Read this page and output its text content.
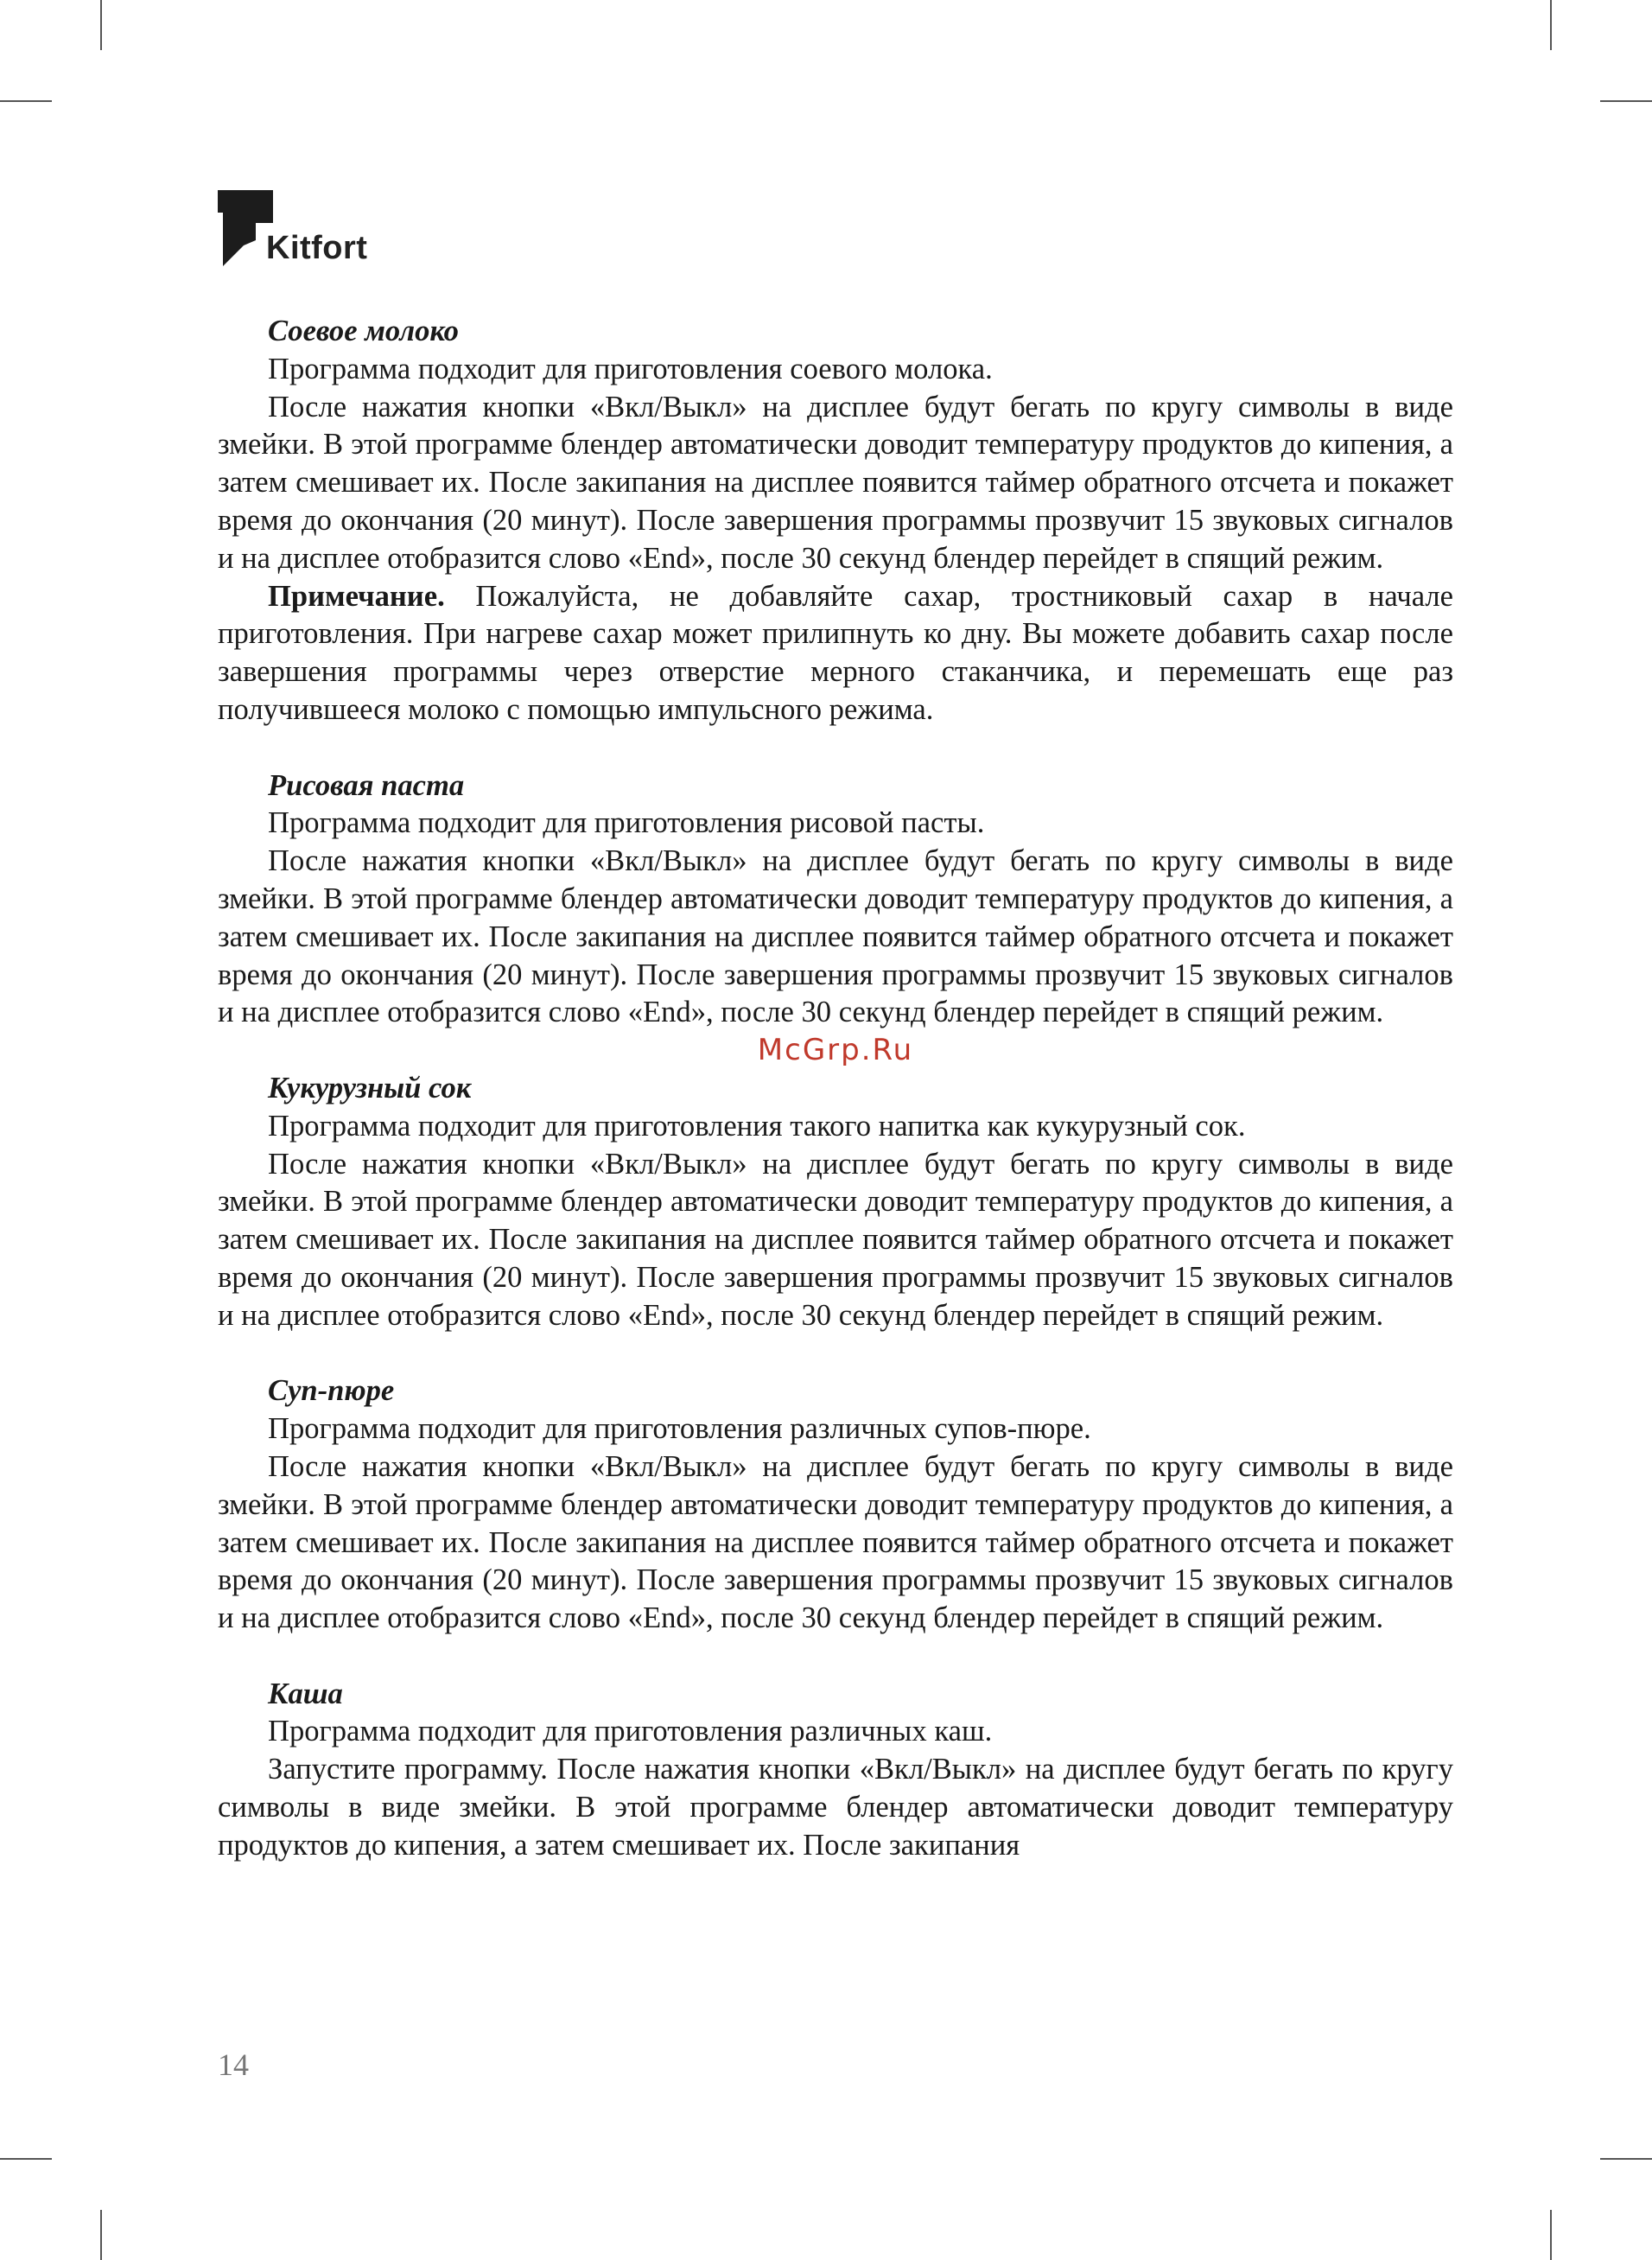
Kitfort

Соевое молоко

Программа подходит для приготовления соевого молока.

После нажатия кнопки «Вкл/Выкл» на дисплее будут бегать по кругу символы в виде змейки. В этой программе блендер автоматически доводит температуру продуктов до кипения, а затем смешивает их. После закипания на дисплее появится таймер обратного отсчета и покажет время до окончания (20 минут). После завершения программы прозвучит 15 звуковых сигналов и на дисплее отобразится слово «End», после 30 секунд блендер перейдет в спящий режим.

Примечание. Пожалуйста, не добавляйте сахар, тростниковый сахар в начале приготовления. При нагреве сахар может прилипнуть ко дну. Вы можете добавить сахар после завершения программы через отверстие мерного стаканчика, и перемешать еще раз получившееся молоко с помощью импульсного режима.

Рисовая паста

Программа подходит для приготовления рисовой пасты.

После нажатия кнопки «Вкл/Выкл» на дисплее будут бегать по кругу символы в виде змейки. В этой программе блендер автоматически доводит температуру продуктов до кипения, а затем смешивает их. После закипания на дисплее появится таймер обратного отсчета и покажет время до окончания (20 минут). После завершения программы прозвучит 15 звуковых сигналов и на дисплее отобразится слово «End», после 30 секунд блендер перейдет в спящий режим.

McGrp.Ru

Кукурузный сок

Программа подходит для приготовления такого напитка как кукурузный сок.

После нажатия кнопки «Вкл/Выкл» на дисплее будут бегать по кругу символы в виде змейки. В этой программе блендер автоматически доводит температуру продуктов до кипения, а затем смешивает их. После закипания на дисплее появится таймер обратного отсчета и покажет время до окончания (20 минут). После завершения программы прозвучит 15 звуковых сигналов и на дисплее отобразится слово «End», после 30 секунд блендер перейдет в спящий режим.

Суп-пюре

Программа подходит для приготовления различных супов-пюре.

После нажатия кнопки «Вкл/Выкл» на дисплее будут бегать по кругу символы в виде змейки. В этой программе блендер автоматически доводит температуру продуктов до кипения, а затем смешивает их. После закипания на дисплее появится таймер обратного отсчета и покажет время до окончания (20 минут). После завершения программы прозвучит 15 звуковых сигналов и на дисплее отобразится слово «End», после 30 секунд блендер перейдет в спящий режим.

Каша

Программа подходит для приготовления различных каш.

Запустите программу. После нажатия кнопки «Вкл/Выкл» на дисплее будут бегать по кругу символы в виде змейки. В этой программе блендер автоматически доводит температуру продуктов до кипения, а затем смешивает их. После закипания

14
